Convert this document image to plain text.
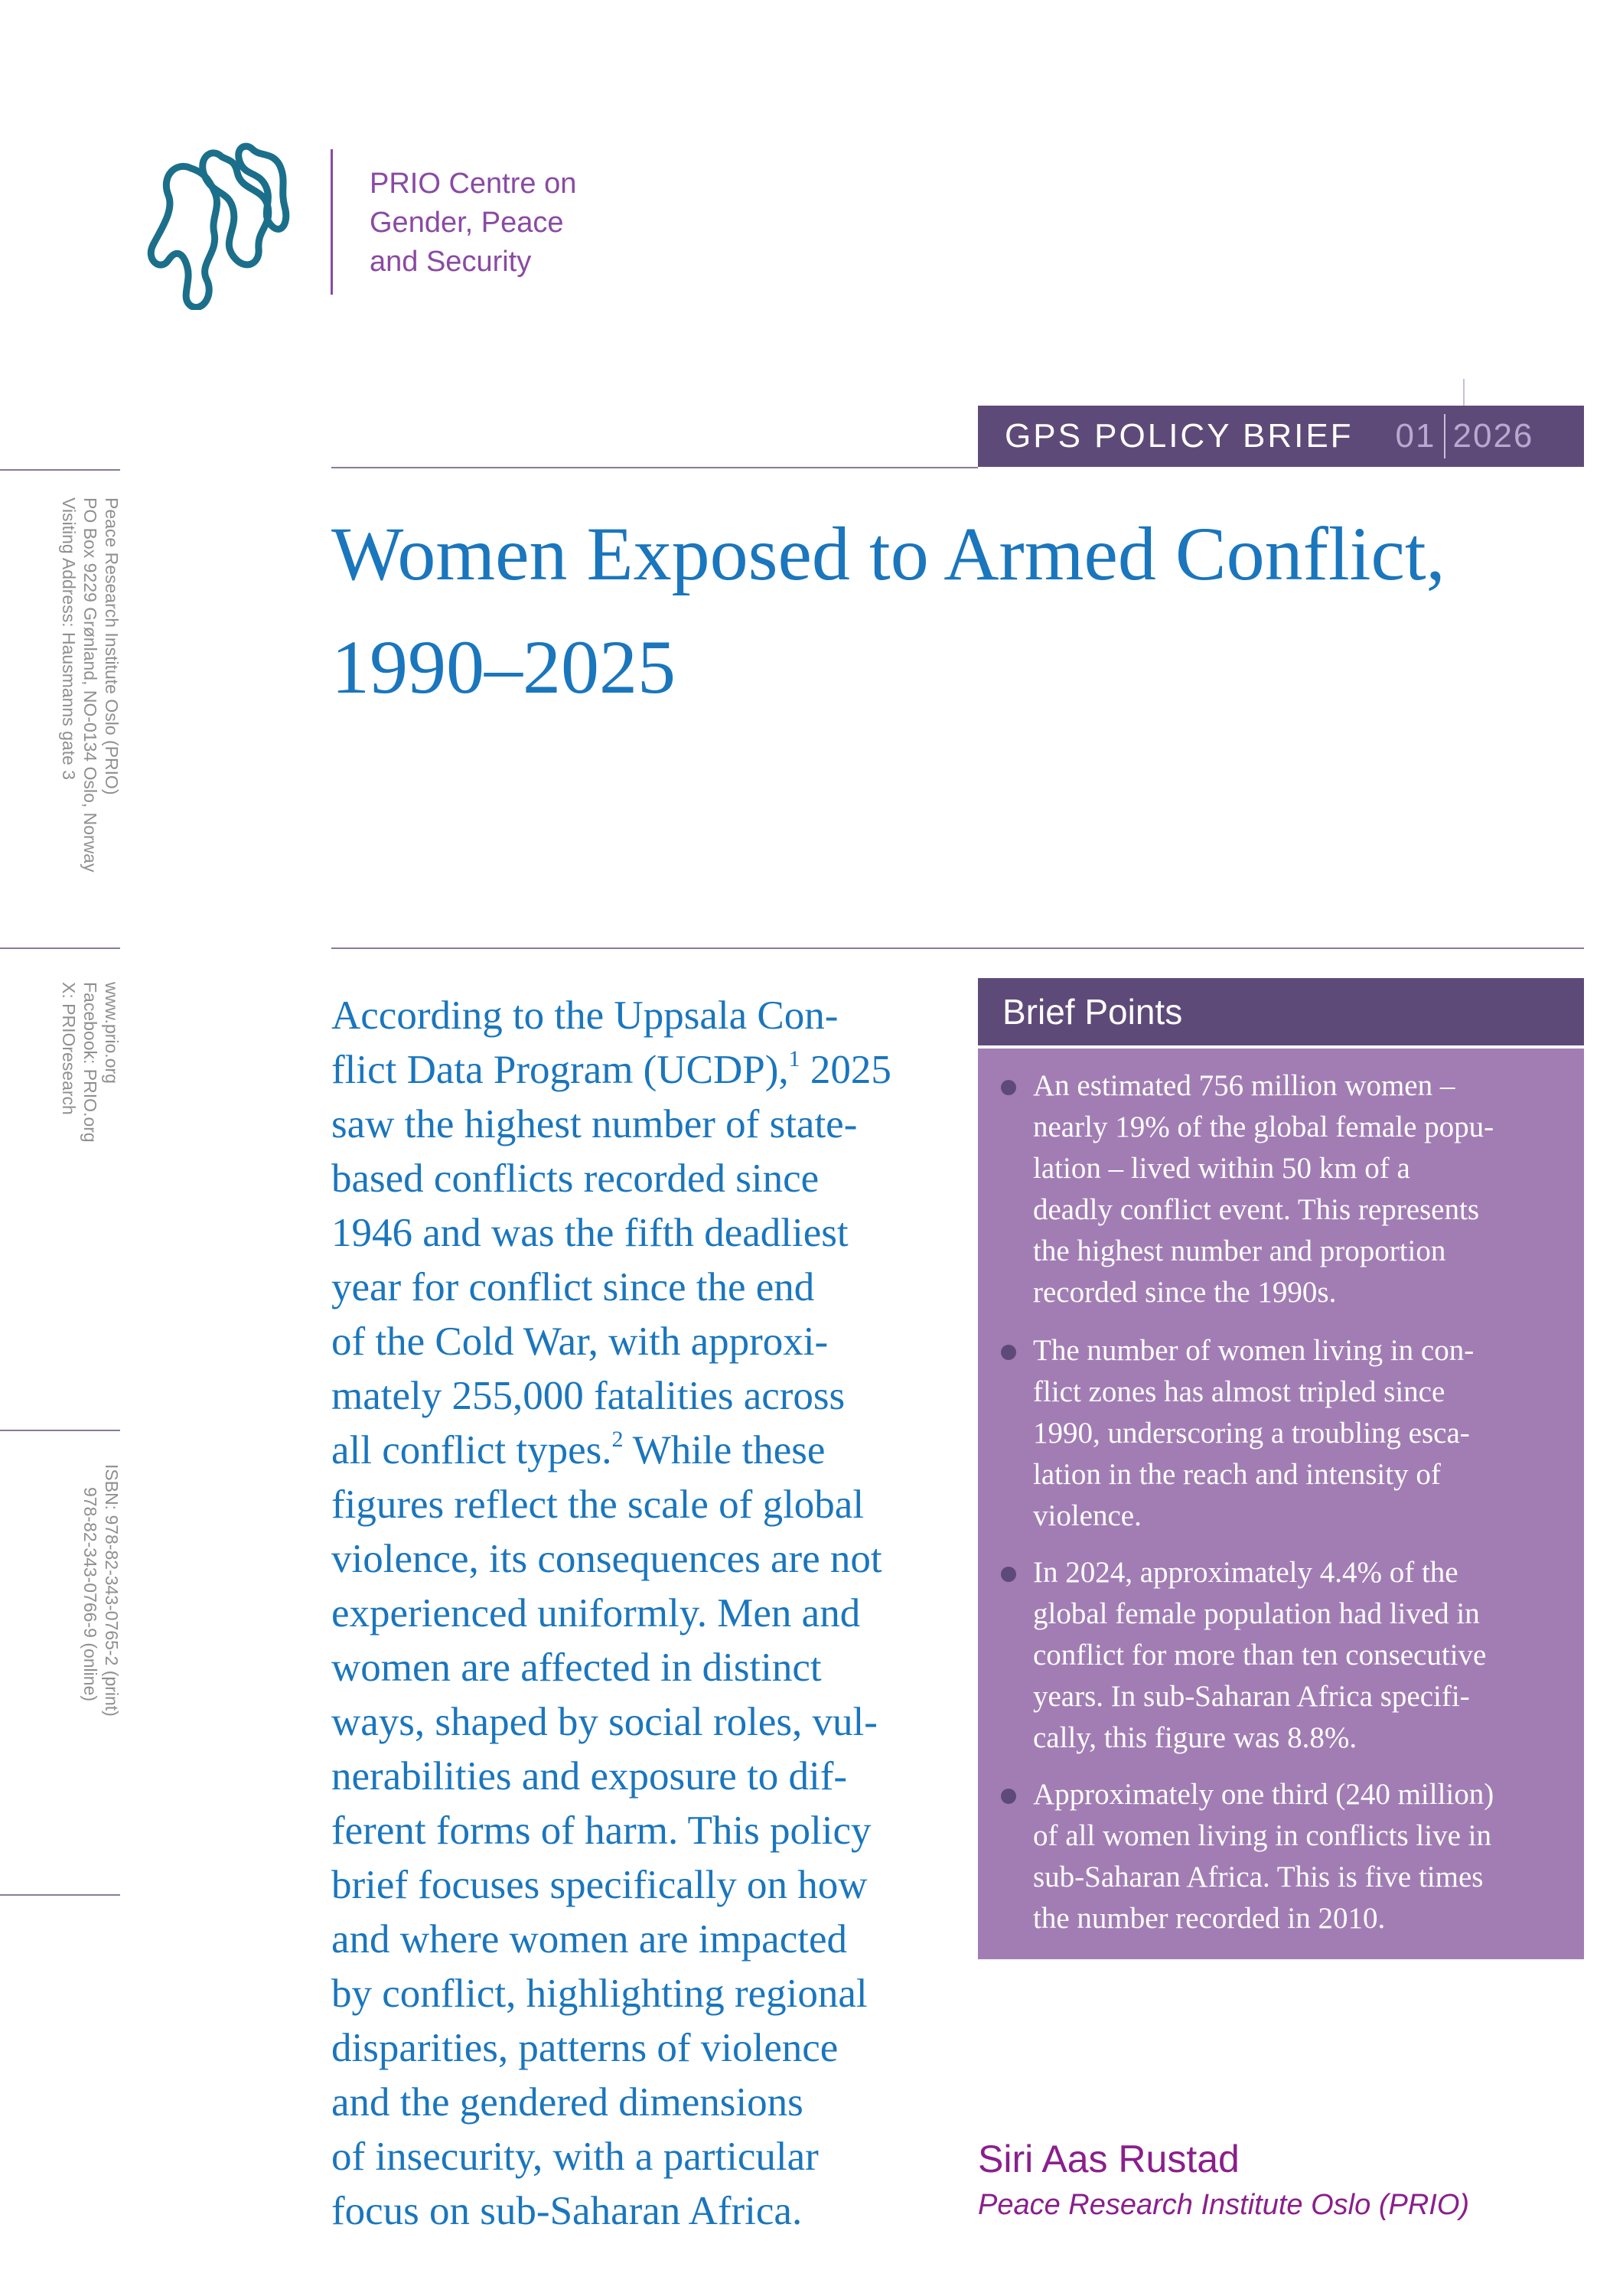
PRIO Centre on
Gender, Peace
and Security
GPS POLICY BRIEF 01 2026
Women Exposed to Armed Conflict,
1990–2025
Peace Research Institute Oslo (PRIO)
PO Box 9229 Grønland, NO-0134 Oslo, Norway
Visiting Address: Hausmanns gate 3
www.prio.org
Facebook: PRIO.org
X: PRIOresearch
ISBN: 978-82-343-0765-2 (print)
978-82-343-0766-9 (online)
According to the Uppsala Con-
flict Data Program (UCDP),$^1$ 2025
saw the highest number of state-
based conflicts recorded since
1946 and was the fifth deadliest
year for conflict since the end
of the Cold War, with approxi-
mately 255,000 fatalities across
all conflict types.$^2$ While these
figures reflect the scale of global
violence, its consequences are not
experienced uniformly. Men and
women are affected in distinct
ways, shaped by social roles, vul-
nerabilities and exposure to dif-
ferent forms of harm. This policy
brief focuses specifically on how
and where women are impacted
by conflict, highlighting regional
disparities, patterns of violence
and the gendered dimensions
of insecurity, with a particular
focus on sub-Saharan Africa.
Brief Points
An estimated 756 million women –
nearly 19% of the global female popu-
lation – lived within 50 km of a
deadly conflict event. This represents
the highest number and proportion
recorded since the 1990s.
The number of women living in con-
flict zones has almost tripled since
1990, underscoring a troubling esca-
lation in the reach and intensity of
violence.
In 2024, approximately 4.4% of the
global female population had lived in
conflict for more than ten consecutive
years. In sub-Saharan Africa specifi-
cally, this figure was 8.8%.
Approximately one third (240 million)
of all women living in conflicts live in
sub-Saharan Africa. This is five times
the number recorded in 2010.
Siri Aas Rustad
Peace Research Institute Oslo (PRIO)
